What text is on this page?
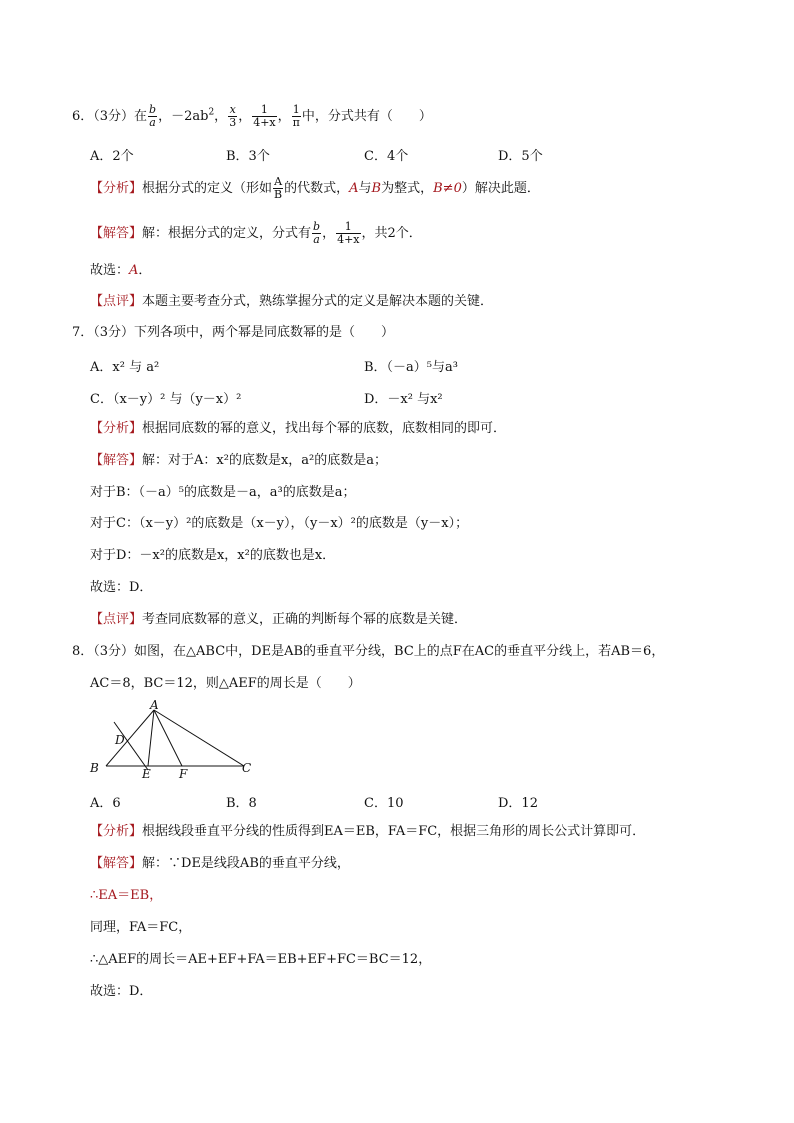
6．（3分）在 $\frac{b}{a}$ ，$-2ab^2$， $\frac{x}{3}$ ， $\frac{1}{4+x}$ ， $\frac{1}{\pi}$ 中，分式共有（　　）
A．2个	B．3个	C．4个	D．5个
【分析】根据分式的定义（形如 $\frac{A}{B}$ 的代数式，A与B为整式，B≠0）解决此题．
【解答】解：根据分式的定义，分式有 $\frac{b}{a}$ ， $\frac{1}{4+x}$ ，共2个．
故选：A．
【点评】本题主要考查分式，熟练掌握分式的定义是解决本题的关键．
7．（3分）下列各项中，两个幂是同底数幂的是（　　）
A．x² 与 a²	B．（－a）⁵与a³
C．（x－y）² 与（y－x）²	D．－x² 与x²
【分析】根据同底数的幂的意义，找出每个幂的底数，底数相同的即可．
【解答】解：对于A：x²的底数是x，a²的底数是a；
对于B：（－a）⁵的底数是－a，a³的底数是a；
对于C：（x－y）²的底数是（x－y），（y－x）²的底数是（y－x）；
对于D：－x²的底数是x，x²的底数也是x．
故选：D．
【点评】考查同底数幂的意义，正确的判断每个幂的底数是关键．
8．（3分）如图，在△ABC中，DE是AB的垂直平分线，BC上的点F在AC的垂直平分线上，若AB＝6，
AC＝8，BC＝12，则△AEF的周长是（　　）
A
B	C
D
E F
A．6	B．8	C．10	D．12
【分析】根据线段垂直平分线的性质得到EA＝EB，FA＝FC，根据三角形的周长公式计算即可．
【解答】解：∵DE是线段AB的垂直平分线，
∴EA＝EB，
同理，FA＝FC，
∴△AEF的周长＝AE+EF+FA＝EB+EF+FC＝BC＝12，
故选：D．
